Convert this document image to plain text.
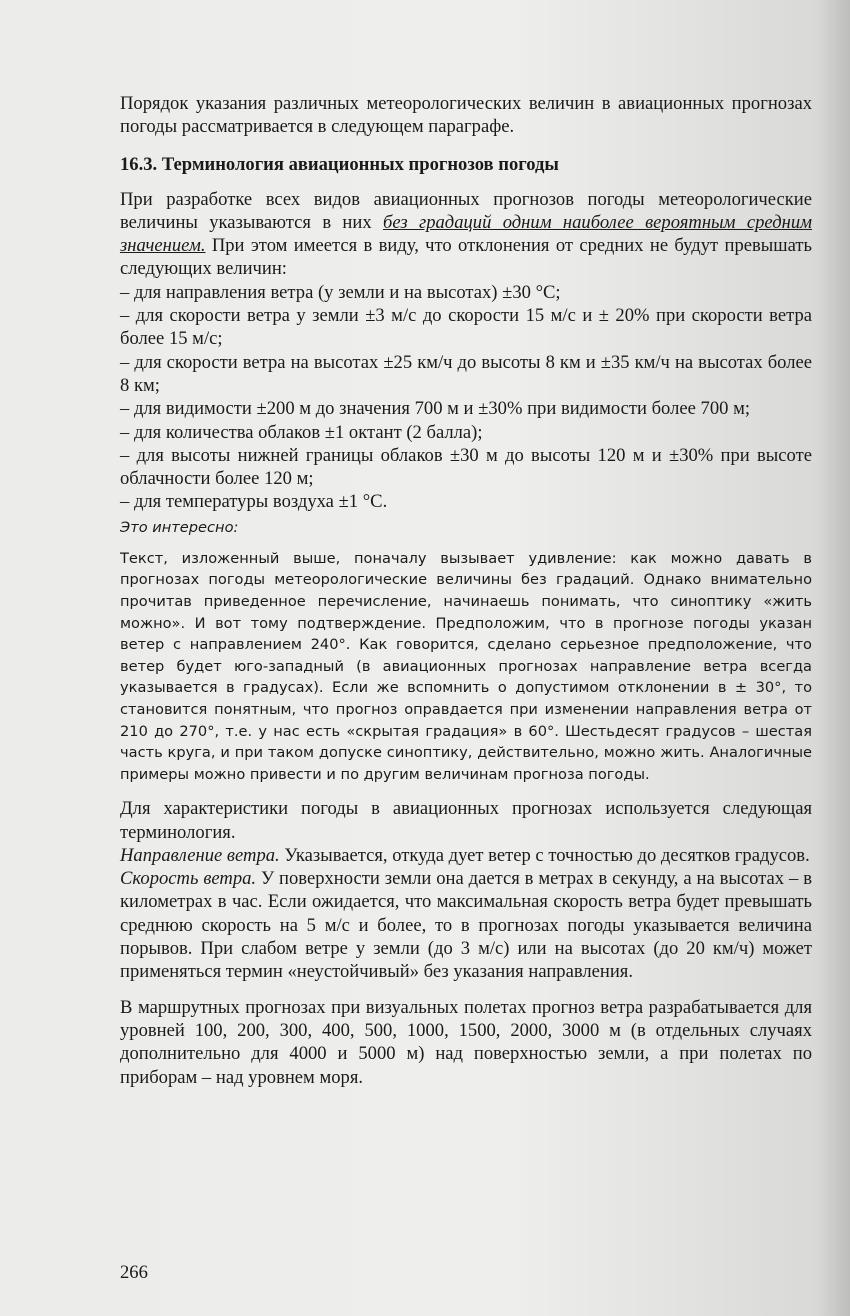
Порядок указания различных метеорологических величин в авиационных прогнозах погоды рассматривается в следующем параграфе.

16.3. Терминология авиационных прогнозов погоды

При разработке всех видов авиационных прогнозов погоды метеорологические величины указываются в них без градаций одним наиболее вероятным средним значением. При этом имеется в виду, что отклонения от средних не будут превышать следующих величин:

– для направления ветра (у земли и на высотах) ±30 °С;

– для скорости ветра у земли ±3 м/с до скорости 15 м/с и ± 20% при скорости ветра более 15 м/с;

– для скорости ветра на высотах ±25 км/ч до высоты 8 км и ±35 км/ч на высотах более 8 км;

– для видимости ±200 м до значения 700 м и ±30% при видимости более 700 м;

– для количества облаков ±1 октант (2 балла);

– для высоты нижней границы облаков ±30 м до высоты 120 м и ±30% при высоте облачности более 120 м;

– для температуры воздуха ±1 °С.

Это интересно:

Текст, изложенный выше, поначалу вызывает удивление: как можно давать в прогнозах погоды метеорологические величины без градаций. Однако внимательно прочитав приведенное перечисление, начинаешь понимать, что синоптику «жить можно». И вот тому подтверждение. Предположим, что в прогнозе погоды указан ветер с направлением 240°. Как говорится, сделано серьезное предположение, что ветер будет юго-западный (в авиационных прогнозах направление ветра всегда указывается в градусах). Если же вспомнить о допустимом отклонении в ± 30°, то становится понятным, что прогноз оправдается при изменении направления ветра от 210 до 270°, т.е. у нас есть «скрытая градация» в 60°. Шестьдесят градусов – шестая часть круга, и при таком допуске синоптику, действительно, можно жить. Аналогичные примеры можно привести и по другим величинам прогноза погоды.

Для характеристики погоды в авиационных прогнозах используется следующая терминология.

Направление ветра. Указывается, откуда дует ветер с точностью до десятков градусов.

Скорость ветра. У поверхности земли она дается в метрах в секунду, а на высотах – в километрах в час. Если ожидается, что максимальная скорость ветра будет превышать среднюю скорость на 5 м/с и более, то в прогнозах погоды указывается величина порывов. При слабом ветре у земли (до 3 м/с) или на высотах (до 20 км/ч) может применяться термин «неустойчивый» без указания направления.

В маршрутных прогнозах при визуальных полетах прогноз ветра разрабатывается для уровней 100, 200, 300, 400, 500, 1000, 1500, 2000, 3000 м (в отдельных случаях дополнительно для 4000 и 5000 м) над поверхностью земли, а при полетах по приборам – над уровнем моря.

266
